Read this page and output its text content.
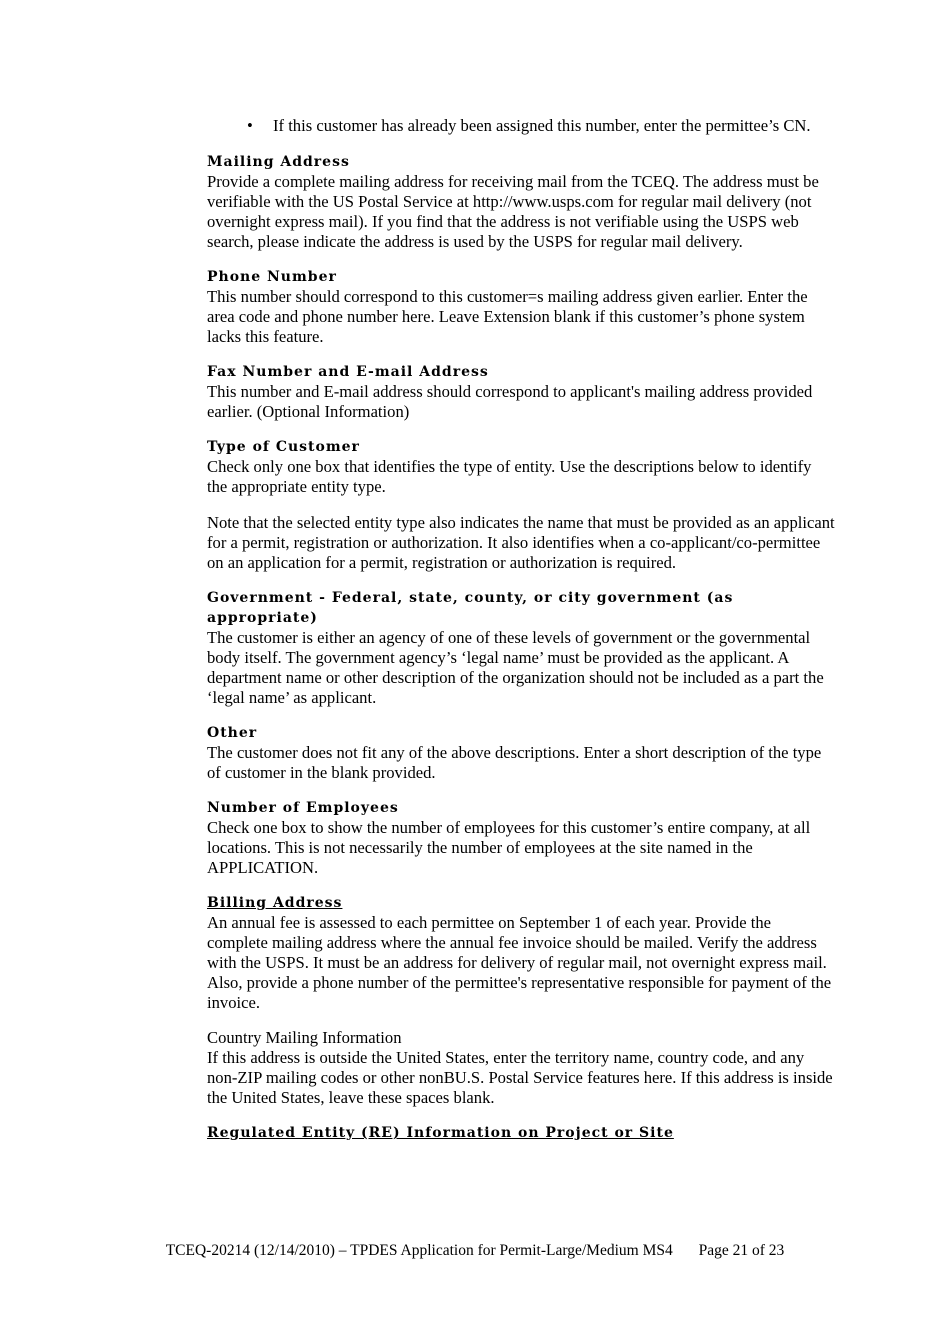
•	If this customer has already been assigned this number, enter the permittee’s CN.
Mailing Address

Provide a complete mailing address for receiving mail from the TCEQ. The address must be verifiable with the US Postal Service at http://www.usps.com for regular mail delivery (not overnight express mail). If you find that the address is not verifiable using the USPS web search, please indicate the address is used by the USPS for regular mail delivery.

Phone Number

This number should correspond to this customer=s mailing address given earlier. Enter the area code and phone number here. Leave Extension blank if this customer’s phone system lacks this feature.

Fax Number and E-mail Address

This number and E-mail address should correspond to applicant's mailing address provided earlier. (Optional Information)

Type of Customer

Check only one box that identifies the type of entity. Use the descriptions below to identify the appropriate entity type.

Note that the selected entity type also indicates the name that must be provided as an applicant for a permit, registration or authorization. It also identifies when a co-applicant/co-permittee on an application for a permit, registration or authorization is required.

Government - Federal, state, county, or city government (as appropriate)

The customer is either an agency of one of these levels of government or the governmental body itself. The government agency’s ‘legal name’ must be provided as the applicant. A department name or other description of the organization should not be included as a part the ‘legal name’ as applicant.

Other

The customer does not fit any of the above descriptions. Enter a short description of the type of customer in the blank provided.

Number of Employees

Check one box to show the number of employees for this customer’s entire company, at all locations. This is not necessarily the number of employees at the site named in the APPLICATION.

Billing Address

An annual fee is assessed to each permittee on September 1 of each year. Provide the complete mailing address where the annual fee invoice should be mailed. Verify the address with the USPS. It must be an address for delivery of regular mail, not overnight express mail. Also, provide a phone number of the permittee's representative responsible for payment of the invoice.

Country Mailing Information

If this address is outside the United States, enter the territory name, country code, and any non-ZIP mailing codes or other nonBU.S. Postal Service features here. If this address is inside the United States, leave these spaces blank.

Regulated Entity (RE) Information on Project or Site
TCEQ-20214 (12/14/2010) – TPDES Application for Permit-Large/Medium MS4 Page 21 of 23
